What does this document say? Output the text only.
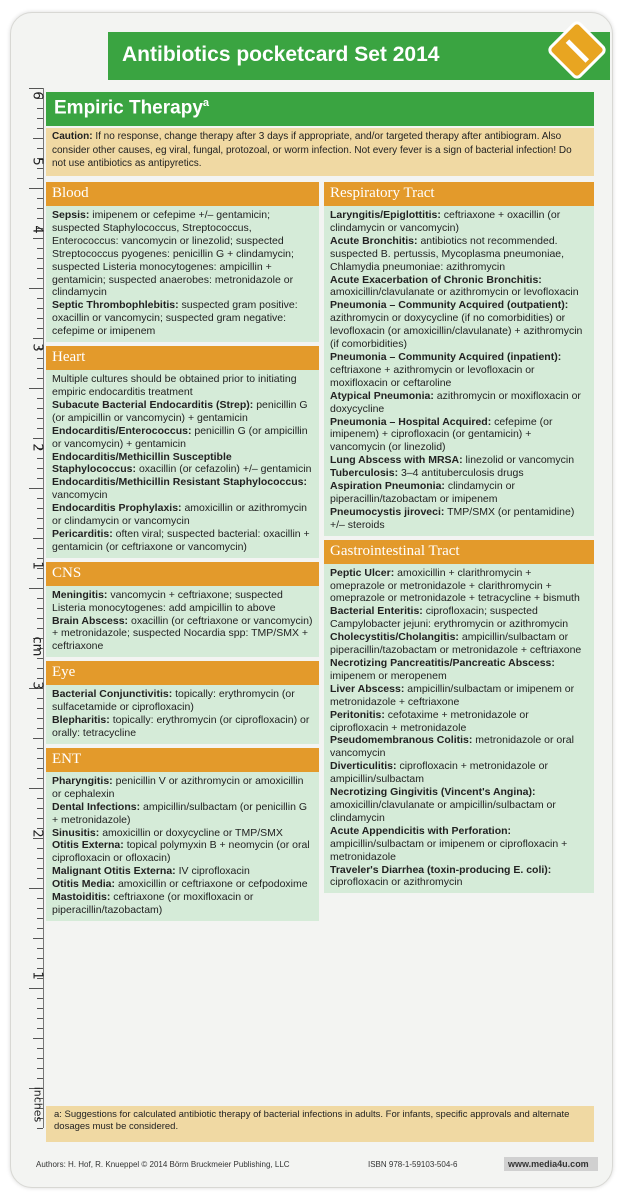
Antibiotics pocketcard Set 2014
6
5
4
3
2
1
cm
3
2
1
inches
Empiric Therapy$^a$
Caution: If no response, change therapy after 3 days if appropriate, and/or targeted therapy after antibiogram. Also consider other causes, eg viral, fungal, protozoal, or worm infection. Not every fever is a sign of bacterial infection! Do not use antibiotics as antipyretics.
Blood
Sepsis: imipenem or cefepime +/– gentamicin; suspected Staphylococcus, Streptococcus, Enterococcus: vancomycin or linezolid; suspected Streptococcus pyogenes: penicillin G + clindamycin; suspected Listeria monocytogenes: ampicillin + gentamicin; suspected anaerobes: metronidazole or clindamycin
Septic Thrombophlebitis: suspected gram positive: oxacillin or vancomycin; suspected gram negative: cefepime or imipenem
Heart
Multiple cultures should be obtained prior to initiating empiric endocarditis treatment
Subacute Bacterial Endocarditis (Strep): penicillin G (or ampicillin or vancomycin) + gentamicin
Endocarditis/Enterococcus: penicillin G (or ampicillin or vancomycin) + gentamicin
Endocarditis/Methicillin Susceptible Staphylococcus: oxacillin (or cefazolin) +/– gentamicin
Endocarditis/Methicillin Resistant Staphylococcus: vancomycin
Endocarditis Prophylaxis: amoxicillin or azithromycin or clindamycin or vancomycin
Pericarditis: often viral; suspected bacterial: oxacillin + gentamicin (or ceftriaxone or vancomycin)
CNS
Meningitis: vancomycin + ceftriaxone; suspected Listeria monocytogenes: add ampicillin to above
Brain Abscess: oxacillin (or ceftriaxone or vancomycin) + metronidazole; suspected Nocardia spp: TMP/SMX + ceftriaxone
Eye
Bacterial Conjunctivitis: topically: erythromycin (or sulfacetamide or ciprofloxacin)
Blepharitis: topically: erythromycin (or ciprofloxacin) or orally: tetracycline
ENT
Pharyngitis: penicillin V or azithromycin or amoxicillin or cephalexin
Dental Infections: ampicillin/sulbactam (or penicillin G + metronidazole)
Sinusitis: amoxicillin or doxycycline or TMP/SMX
Otitis Externa: topical polymyxin B + neomycin (or oral ciprofloxacin or ofloxacin)
Malignant Otitis Externa: IV ciprofloxacin
Otitis Media: amoxicillin or ceftriaxone or cefpodoxime
Mastoiditis: ceftriaxone (or moxifloxacin or piperacillin/tazobactam)
Respiratory Tract
Laryngitis/Epiglottitis: ceftriaxone + oxacillin (or clindamycin or vancomycin)
Acute Bronchitis: antibiotics not recommended. suspected B. pertussis, Mycoplasma pneumoniae, Chlamydia pneumoniae: azithromycin
Acute Exacerbation of Chronic Bronchitis: amoxicillin/clavulanate or azithromycin or levofloxacin
Pneumonia – Community Acquired (outpatient): azithromycin or doxycycline (if no comorbidities) or levofloxacin (or amoxicillin/clavulanate) + azithromycin (if comorbidities)
Pneumonia – Community Acquired (inpatient): ceftriaxone + azithromycin or levofloxacin or moxifloxacin or ceftaroline
Atypical Pneumonia: azithromycin or moxifloxacin or doxycycline
Pneumonia – Hospital Acquired: cefepime (or imipenem) + ciprofloxacin (or gentamicin) + vancomycin (or linezolid)
Lung Abscess with MRSA: linezolid or vancomycin
Tuberculosis: 3–4 antituberculosis drugs
Aspiration Pneumonia: clindamycin or piperacillin/tazobactam or imipenem
Pneumocystis jiroveci: TMP/SMX (or pentamidine) +/– steroids
Gastrointestinal Tract
Peptic Ulcer: amoxicillin + clarithromycin + omeprazole or metronidazole + clarithromycin + omeprazole or metronidazole + tetracycline + bismuth
Bacterial Enteritis: ciprofloxacin; suspected Campylobacter jejuni: erythromycin or azithromycin
Cholecystitis/Cholangitis: ampicillin/sulbactam or piperacillin/tazobactam or metronidazole + ceftriaxone
Necrotizing Pancreatitis/Pancreatic Abscess: imipenem or meropenem
Liver Abscess: ampicillin/sulbactam or imipenem or metronidazole + ceftriaxone
Peritonitis: cefotaxime + metronidazole or ciprofloxacin + metronidazole
Pseudomembranous Colitis: metronidazole or oral vancomycin
Diverticulitis: ciprofloxacin + metronidazole or ampicillin/sulbactam
Necrotizing Gingivitis (Vincent's Angina): amoxicillin/clavulanate or ampicillin/sulbactam or clindamycin
Acute Appendicitis with Perforation: ampicillin/sulbactam or imipenem or ciprofloxacin + metronidazole
Traveler's Diarrhea (toxin-producing E. coli): ciprofloxacin or azithromycin
a: Suggestions for calculated antibiotic therapy of bacterial infections in adults. For infants, specific approvals and alternate dosages must be considered.
Authors: H. Hof, R. Knueppel © 2014 Börm Bruckmeier Publishing, LLC	ISBN 978-1-59103-504-6	www.media4u.com
